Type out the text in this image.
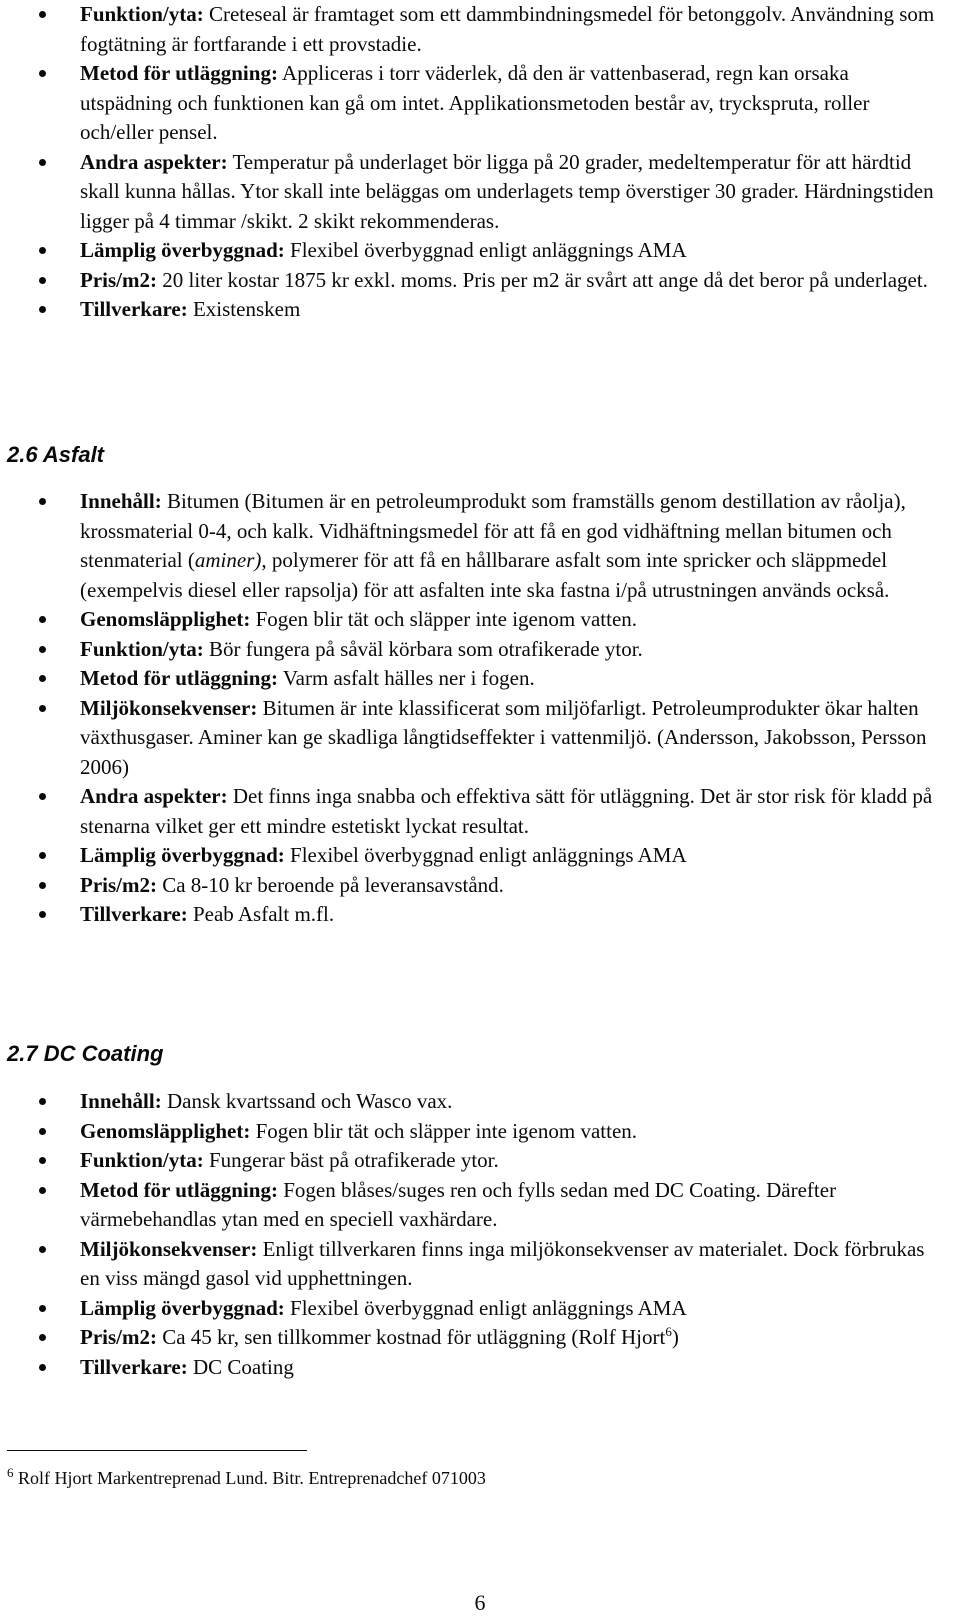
Funktion/yta: Creteseal är framtaget som ett dammbindningsmedel för betonggolv. Användning som fogtätning är fortfarande i ett provstadie.
Metod för utläggning: Appliceras i torr väderlek, då den är vattenbaserad, regn kan orsaka utspädning och funktionen kan gå om intet. Applikationsmetoden består av, tryckspruta, roller och/eller pensel.
Andra aspekter: Temperatur på underlaget bör ligga på 20 grader, medeltemperatur för att härdtid skall kunna hållas. Ytor skall inte beläggas om underlagets temp överstiger 30 grader. Härdningstiden ligger på 4 timmar /skikt. 2 skikt rekommenderas.
Lämplig överbyggnad: Flexibel överbyggnad enligt anläggnings AMA
Pris/m2: 20 liter kostar 1875 kr exkl. moms. Pris per m2 är svårt att ange då det beror på underlaget.
Tillverkare: Existenskem
2.6 Asfalt
Innehåll: Bitumen (Bitumen är en petroleumprodukt som framställs genom destillation av råolja), krossmaterial 0-4, och kalk. Vidhäftningsmedel för att få en god vidhäftning mellan bitumen och stenmaterial (aminer), polymerer för att få en hållbarare asfalt som inte spricker och släppmedel (exempelvis diesel eller rapsolja) för att asfalten inte ska fastna i/på utrustningen används också.
Genomsläpplighet: Fogen blir tät och släpper inte igenom vatten.
Funktion/yta: Bör fungera på såväl körbara som otrafikerade ytor.
Metod för utläggning: Varm asfalt hälles ner i fogen.
Miljökonsekvenser: Bitumen är inte klassificerat som miljöfarligt. Petroleumprodukter ökar halten växthusgaser. Aminer kan ge skadliga långtidseffekter i vattenmiljö. (Andersson, Jakobsson, Persson 2006)
Andra aspekter: Det finns inga snabba och effektiva sätt för utläggning. Det är stor risk för kladd på stenarna vilket ger ett mindre estetiskt lyckat resultat.
Lämplig överbyggnad: Flexibel överbyggnad enligt anläggnings AMA
Pris/m2: Ca 8-10 kr beroende på leveransavstånd.
Tillverkare: Peab Asfalt m.fl.
2.7 DC Coating
Innehåll: Dansk kvartssand och Wasco vax.
Genomsläpplighet: Fogen blir tät och släpper inte igenom vatten.
Funktion/yta: Fungerar bäst på otrafikerade ytor.
Metod för utläggning: Fogen blåses/suges ren och fylls sedan med DC Coating. Därefter värmebehandlas ytan med en speciell vaxhärdare.
Miljökonsekvenser: Enligt tillverkaren finns inga miljökonsekvenser av materialet. Dock förbrukas en viss mängd gasol vid upphettningen.
Lämplig överbyggnad: Flexibel överbyggnad enligt anläggnings AMA
Pris/m2: Ca 45 kr, sen tillkommer kostnad för utläggning (Rolf Hjort$^6$)
Tillverkare: DC Coating
$^6$ Rolf Hjort Markentreprenad Lund. Bitr. Entreprenadchef 071003
6
